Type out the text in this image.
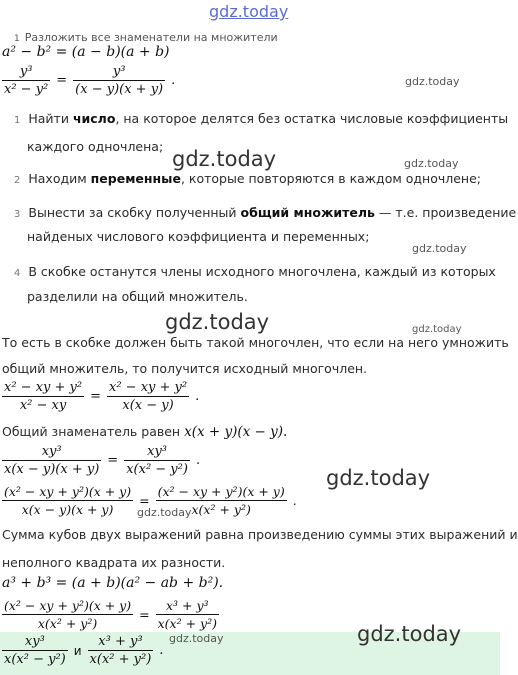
gdz.today
1 Разложить все знаменатели на множители
a² − b² = (a − b)(a + b)
$\frac{\text{y³}}{\text{x² − y²}} = \frac{\text{y³}}{(x - y)(x + y)}$ .	gdz.today
1 Найти число, на которое делятся без остатка числовые коэффициенты
каждого одночлена;
gdz.today	gdz.today
2 Находим переменные, которые повторяются в каждом одночлене;
3 Вынести за скобку полученный общий множитель — т.е. произведение
найденых числового коэффициента и переменных;
gdz.today
4 В скобке останутся члены исходного многочлена, каждый из которых
разделили на общий множитель.
gdz.today	gdz.today
То есть в скобке должен быть такой многочлен, что если на него умножить
общий множитель, то получится исходный многочлен.
$\frac{\text{x² − xy + y²}}{\text{x² − xy}} = \frac{\text{x² − xy + y²}}{x(x - y)}$ .
Общий знаменатель равен x(x + y)(x − y).
$\frac{\text{xy³}}{x(x - y)(x + y)} = \frac{\text{xy³}}{\text{x(x² − y²)}}$ .
gdz.today
$\frac{\text{(x² − xy + y²)(x + y)}}{x(x - y)(x + y)} = \frac{\text{(x² − xy + y²)(x + y)}}{\text{x(x² + y²)}}$ .
gdz.today
Сумма кубов двух выражений равна произведению суммы этих выражений и
неполного квадрата их разности.
a³ + b³ = (a + b)(a² − ab + b²).
$\frac{\text{(x² − xy + y²)(x + y)}}{\text{x(x² + y²)}} = \frac{\text{x³ + y³}}{\text{x(x² + y²)}}$
gdz.today	gdz.today
$\frac{\text{xy³}}{\text{x(x² − y²)}}$ и $\frac{\text{x³ + y³}}{\text{x(x² + y²)}}$ .
